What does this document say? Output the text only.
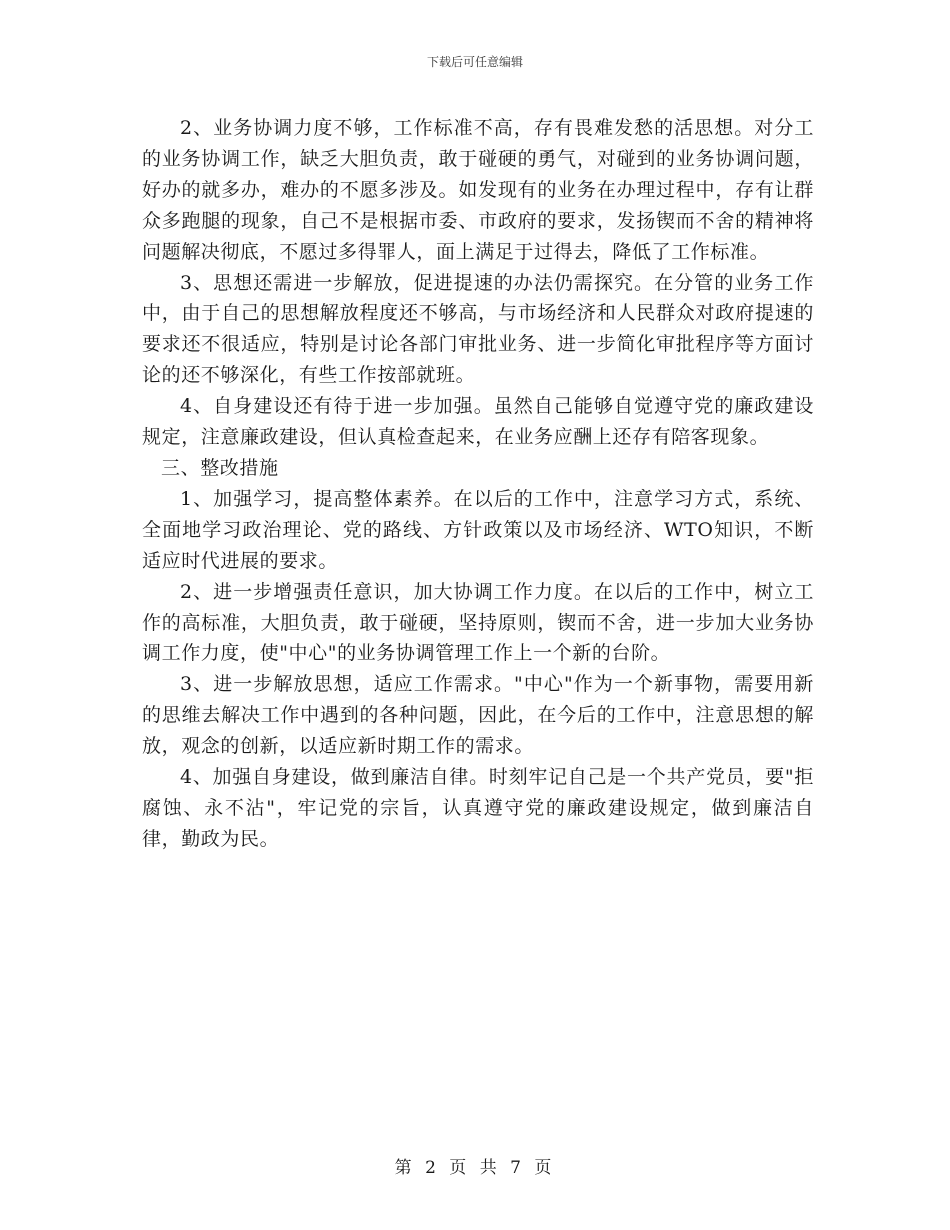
下载后可任意编辑

2、业务协调力度不够，工作标准不高，存有畏难发愁的活思想。对分工的业务协调工作，缺乏大胆负责，敢于碰硬的勇气，对碰到的业务协调问题，好办的就多办，难办的不愿多涉及。如发现有的业务在办理过程中，存有让群众多跑腿的现象，自己不是根据市委、市政府的要求，发扬锲而不舍的精神将问题解决彻底，不愿过多得罪人，面上满足于过得去，降低了工作标准。

3、思想还需进一步解放，促进提速的办法仍需探究。在分管的业务工作中，由于自己的思想解放程度还不够高，与市场经济和人民群众对政府提速的要求还不很适应，特别是讨论各部门审批业务、进一步简化审批程序等方面讨论的还不够深化，有些工作按部就班。

4、自身建设还有待于进一步加强。虽然自己能够自觉遵守党的廉政建设规定，注意廉政建设，但认真检查起来，在业务应酬上还存有陪客现象。

三、整改措施

1、加强学习，提高整体素养。在以后的工作中，注意学习方式，系统、全面地学习政治理论、党的路线、方针政策以及市场经济、WTO知识，不断适应时代进展的要求。

2、进一步增强责任意识，加大协调工作力度。在以后的工作中，树立工作的高标准，大胆负责，敢于碰硬，坚持原则，锲而不舍，进一步加大业务协调工作力度，使"中心"的业务协调管理工作上一个新的台阶。

3、进一步解放思想，适应工作需求。"中心"作为一个新事物，需要用新的思维去解决工作中遇到的各种问题，因此，在今后的工作中，注意思想的解放，观念的创新，以适应新时期工作的需求。

4、加强自身建设，做到廉洁自律。时刻牢记自己是一个共产党员，要"拒腐蚀、永不沾"，牢记党的宗旨，认真遵守党的廉政建设规定，做到廉洁自律，勤政为民。

第 2 页 共 7 页
